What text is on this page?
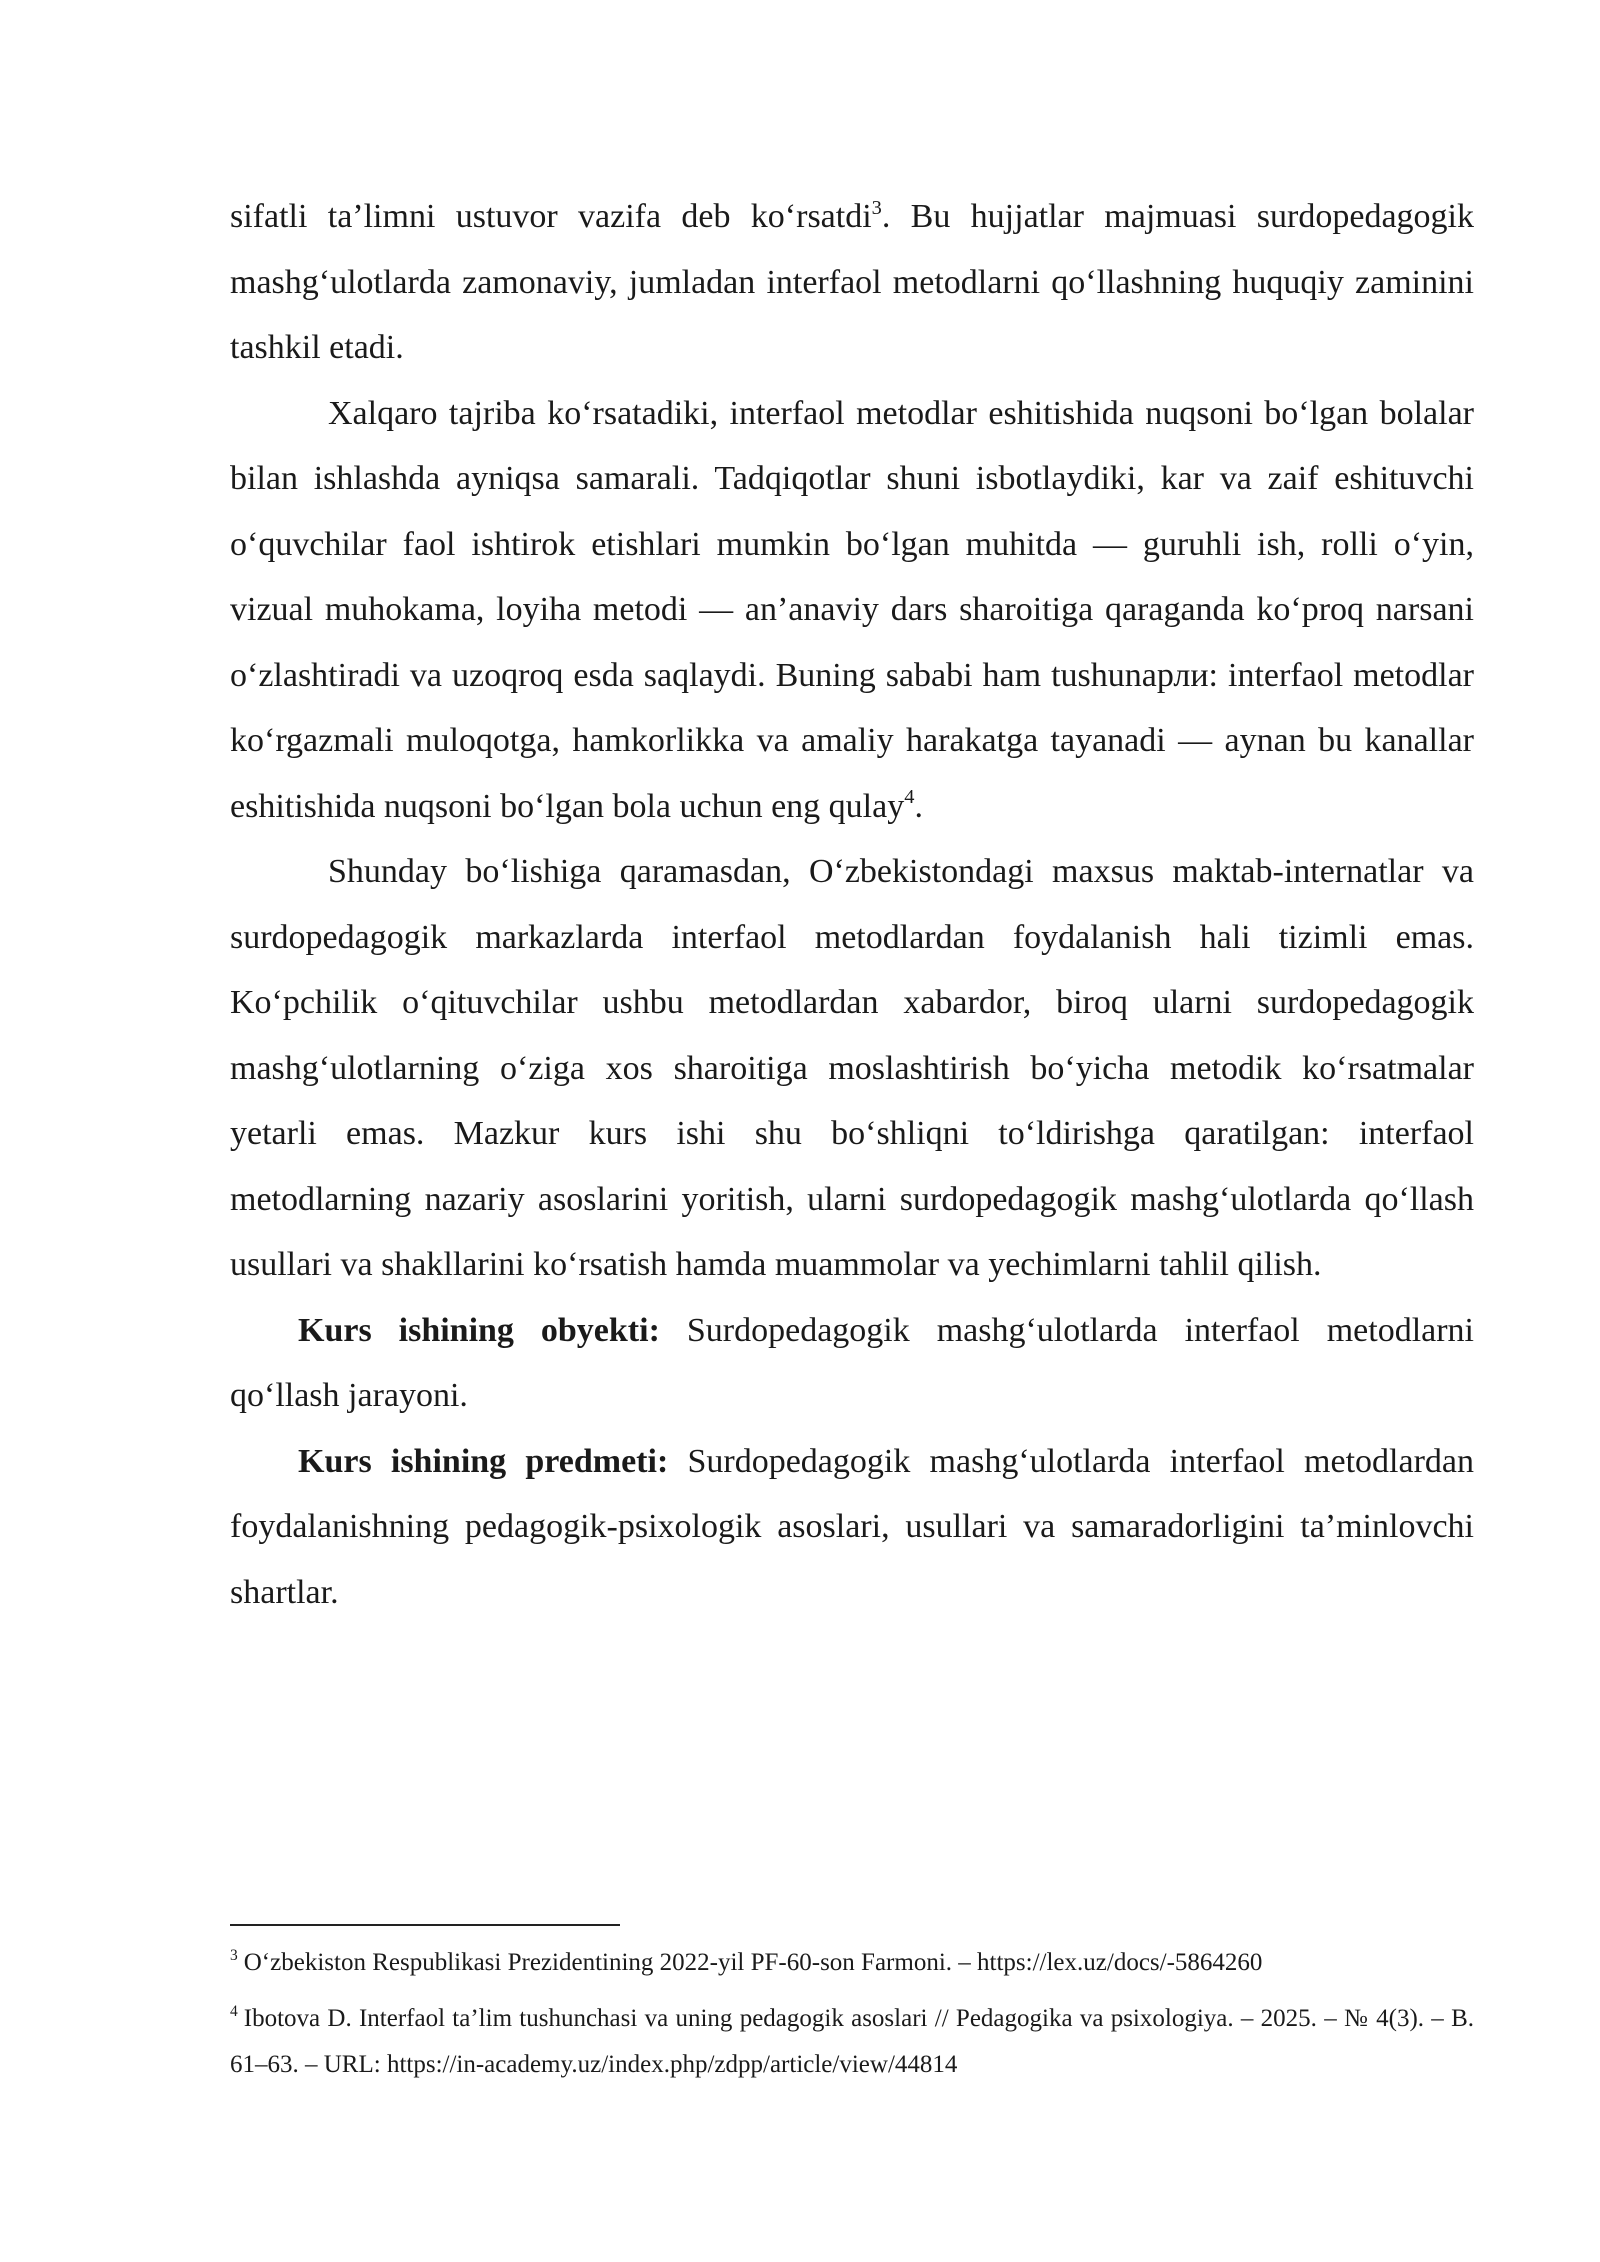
sifatli ta’limni ustuvor vazifa deb ko‘rsatdi$^3$. Bu hujjatlar majmuasi surdopedagogik mashg‘ulotlarda zamonaviy, jumladan interfaol metodlarni qo‘llashning huquqiy zaminini tashkil etadi.

Xalqaro tajriba ko‘rsatadiki, interfaol metodlar eshitishida nuqsoni bo‘lgan bolalar bilan ishlashda ayniqsa samarali. Tadqiqotlar shuni isbotlaydiki, kar va zaif eshituvchi o‘quvchilar faol ishtirok etishlari mumkin bo‘lgan muhitda — guruhli ish, rolli o‘yin, vizual muhokama, loyiha metodi — an’anaviy dars sharoitiga qaraganda ko‘proq narsani o‘zlashtiradi va uzoqroq esda saqlaydi. Buning sababi ham tushunарли: interfaol metodlar ko‘rgazmali muloqotga, hamkorlikka va amaliy harakatga tayanadi — aynan bu kanallar eshitishida nuqsoni bo‘lgan bola uchun eng qulay$^4$.

Shunday bo‘lishiga qaramasdan, O‘zbekistondagi maxsus maktab-internatlar va surdopedagogik markazlarda interfaol metodlardan foydalanish hali tizimli emas. Ko‘pchilik o‘qituvchilar ushbu metodlardan xabardor, biroq ularni surdopedagogik mashg‘ulotlarning o‘ziga xos sharoitiga moslashtirish bo‘yicha metodik ko‘rsatmalar yetarli emas. Mazkur kurs ishi shu bo‘shliqni to‘ldirishga qaratilgan: interfaol metodlarning nazariy asoslarini yoritish, ularni surdopedagogik mashg‘ulotlarda qo‘llash usullari va shakllarini ko‘rsatish hamda muammolar va yechimlarni tahlil qilish.

Kurs ishining obyekti: Surdopedagogik mashg‘ulotlarda interfaol metodlarni qo‘llash jarayoni.

Kurs ishining predmeti: Surdopedagogik mashg‘ulotlarda interfaol metodlardan foydalanishning pedagogik-psixologik asoslari, usullari va samaradorligini ta’minlovchi shartlar.

$^3$ O‘zbekiston Respublikasi Prezidentining 2022-yil PF-60-son Farmoni. – https://lex.uz/docs/-5864260

$^4$ Ibotova D. Interfaol ta’lim tushunchasi va uning pedagogik asoslari // Pedagogika va psixologiya. – 2025. – № 4(3). – B. 61–63. – URL: https://in-academy.uz/index.php/zdpp/article/view/44814
